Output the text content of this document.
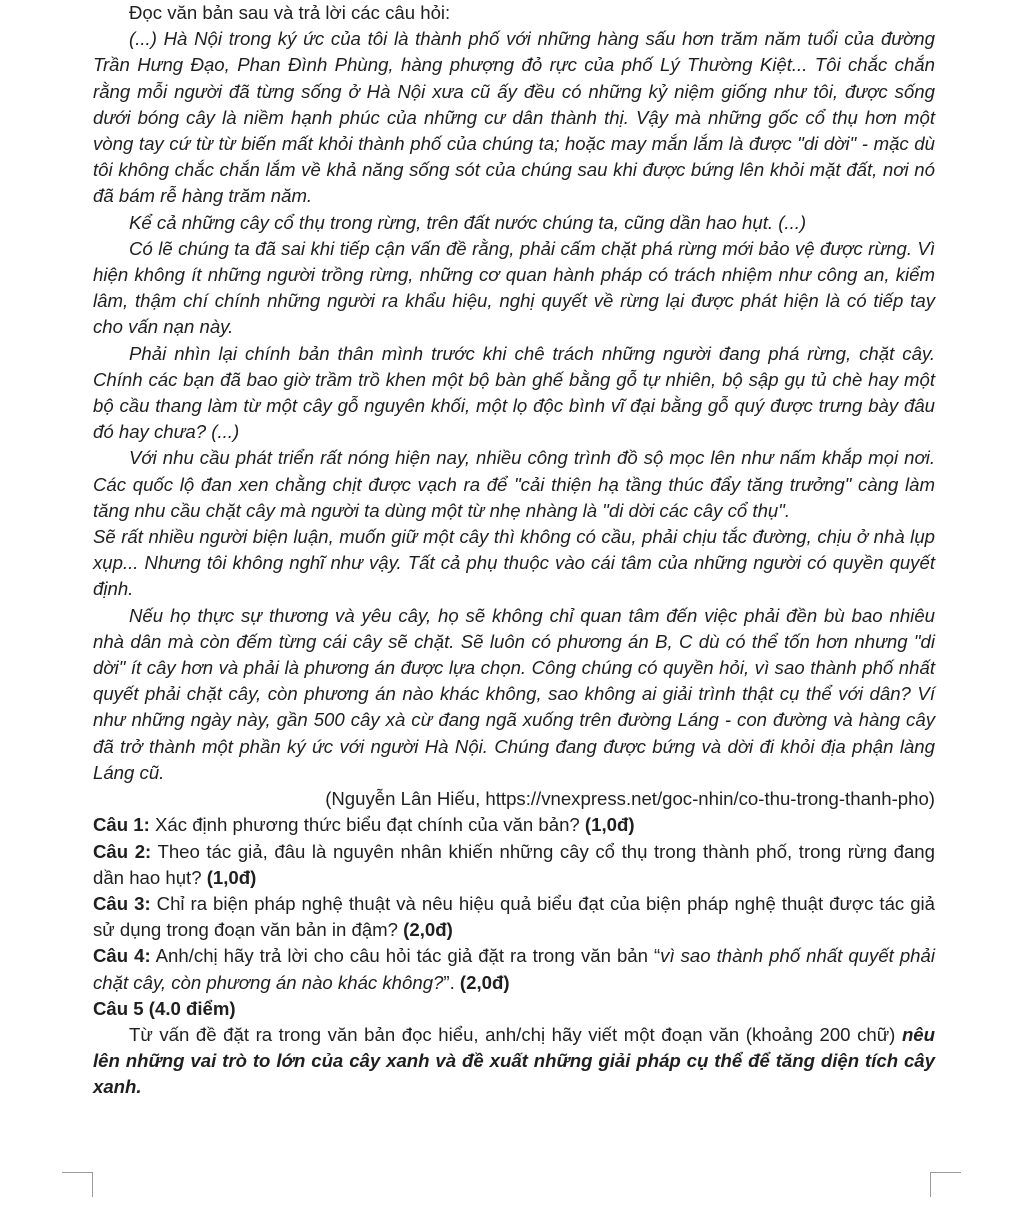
Đọc văn bản sau và trả lời các câu hỏi:

(...) Hà Nội trong ký ức của tôi là thành phố với những hàng sấu hơn trăm năm tuổi của đường Trần Hưng Đạo, Phan Đình Phùng, hàng phượng đỏ rực của phố Lý Thường Kiệt... Tôi chắc chắn rằng mỗi người đã từng sống ở Hà Nội xưa cũ ấy đều có những kỷ niệm giống như tôi, được sống dưới bóng cây là niềm hạnh phúc của những cư dân thành thị. Vậy mà những gốc cổ thụ hơn một vòng tay cứ từ từ biến mất khỏi thành phố của chúng ta; hoặc may mắn lắm là được "di dời" - mặc dù tôi không chắc chắn lắm về khả năng sống sót của chúng sau khi được bứng lên khỏi mặt đất, nơi nó đã bám rễ hàng trăm năm.

Kể cả những cây cổ thụ trong rừng, trên đất nước chúng ta, cũng dần hao hụt. (...)

Có lẽ chúng ta đã sai khi tiếp cận vấn đề rằng, phải cấm chặt phá rừng mới bảo vệ được rừng. Vì hiện không ít những người trồng rừng, những cơ quan hành pháp có trách nhiệm như công an, kiểm lâm, thậm chí chính những người ra khẩu hiệu, nghị quyết về rừng lại được phát hiện là có tiếp tay cho vấn nạn này.

Phải nhìn lại chính bản thân mình trước khi chê trách những người đang phá rừng, chặt cây. Chính các bạn đã bao giờ trầm trồ khen một bộ bàn ghế bằng gỗ tự nhiên, bộ sập gụ tủ chè hay một bộ cầu thang làm từ một cây gỗ nguyên khối, một lọ độc bình vĩ đại bằng gỗ quý được trưng bày đâu đó hay chưa? (...)

Với nhu cầu phát triển rất nóng hiện nay, nhiều công trình đồ sộ mọc lên như nấm khắp mọi nơi. Các quốc lộ đan xen chằng chịt được vạch ra để "cải thiện hạ tầng thúc đẩy tăng trưởng" càng làm tăng nhu cầu chặt cây mà người ta dùng một từ nhẹ nhàng là "di dời các cây cổ thụ".

Sẽ rất nhiều người biện luận, muốn giữ một cây thì không có cầu, phải chịu tắc đường, chịu ở nhà lụp xụp... Nhưng tôi không nghĩ như vậy. Tất cả phụ thuộc vào cái tâm của những người có quyền quyết định.

Nếu họ thực sự thương và yêu cây, họ sẽ không chỉ quan tâm đến việc phải đền bù bao nhiêu nhà dân mà còn đếm từng cái cây sẽ chặt. Sẽ luôn có phương án B, C dù có thể tốn hơn nhưng "di dời" ít cây hơn và phải là phương án được lựa chọn. Công chúng có quyền hỏi, vì sao thành phố nhất quyết phải chặt cây, còn phương án nào khác không, sao không ai giải trình thật cụ thể với dân? Ví như những ngày này, gần 500 cây xà cừ đang ngã xuống trên đường Láng - con đường và hàng cây đã trở thành một phần ký ức với người Hà Nội. Chúng đang được bứng và dời đi khỏi địa phận làng Láng cũ.

(Nguyễn Lân Hiếu, https://vnexpress.net/goc-nhin/co-thu-trong-thanh-pho)

Câu 1: Xác định phương thức biểu đạt chính của văn bản? (1,0đ)

Câu 2: Theo tác giả, đâu là nguyên nhân khiến những cây cổ thụ trong thành phố, trong rừng đang dần hao hụt? (1,0đ)

Câu 3: Chỉ ra biện pháp nghệ thuật và nêu hiệu quả biểu đạt của biện pháp nghệ thuật được tác giả sử dụng trong đoạn văn bản in đậm? (2,0đ)

Câu 4: Anh/chị hãy trả lời cho câu hỏi tác giả đặt ra trong văn bản “vì sao thành phố nhất quyết phải chặt cây, còn phương án nào khác không?”. (2,0đ)

Câu 5 (4.0 điểm)

Từ vấn đề đặt ra trong văn bản đọc hiểu, anh/chị hãy viết một đoạn văn (khoảng 200 chữ) nêu lên những vai trò to lớn của cây xanh và đề xuất những giải pháp cụ thể để tăng diện tích cây xanh.
